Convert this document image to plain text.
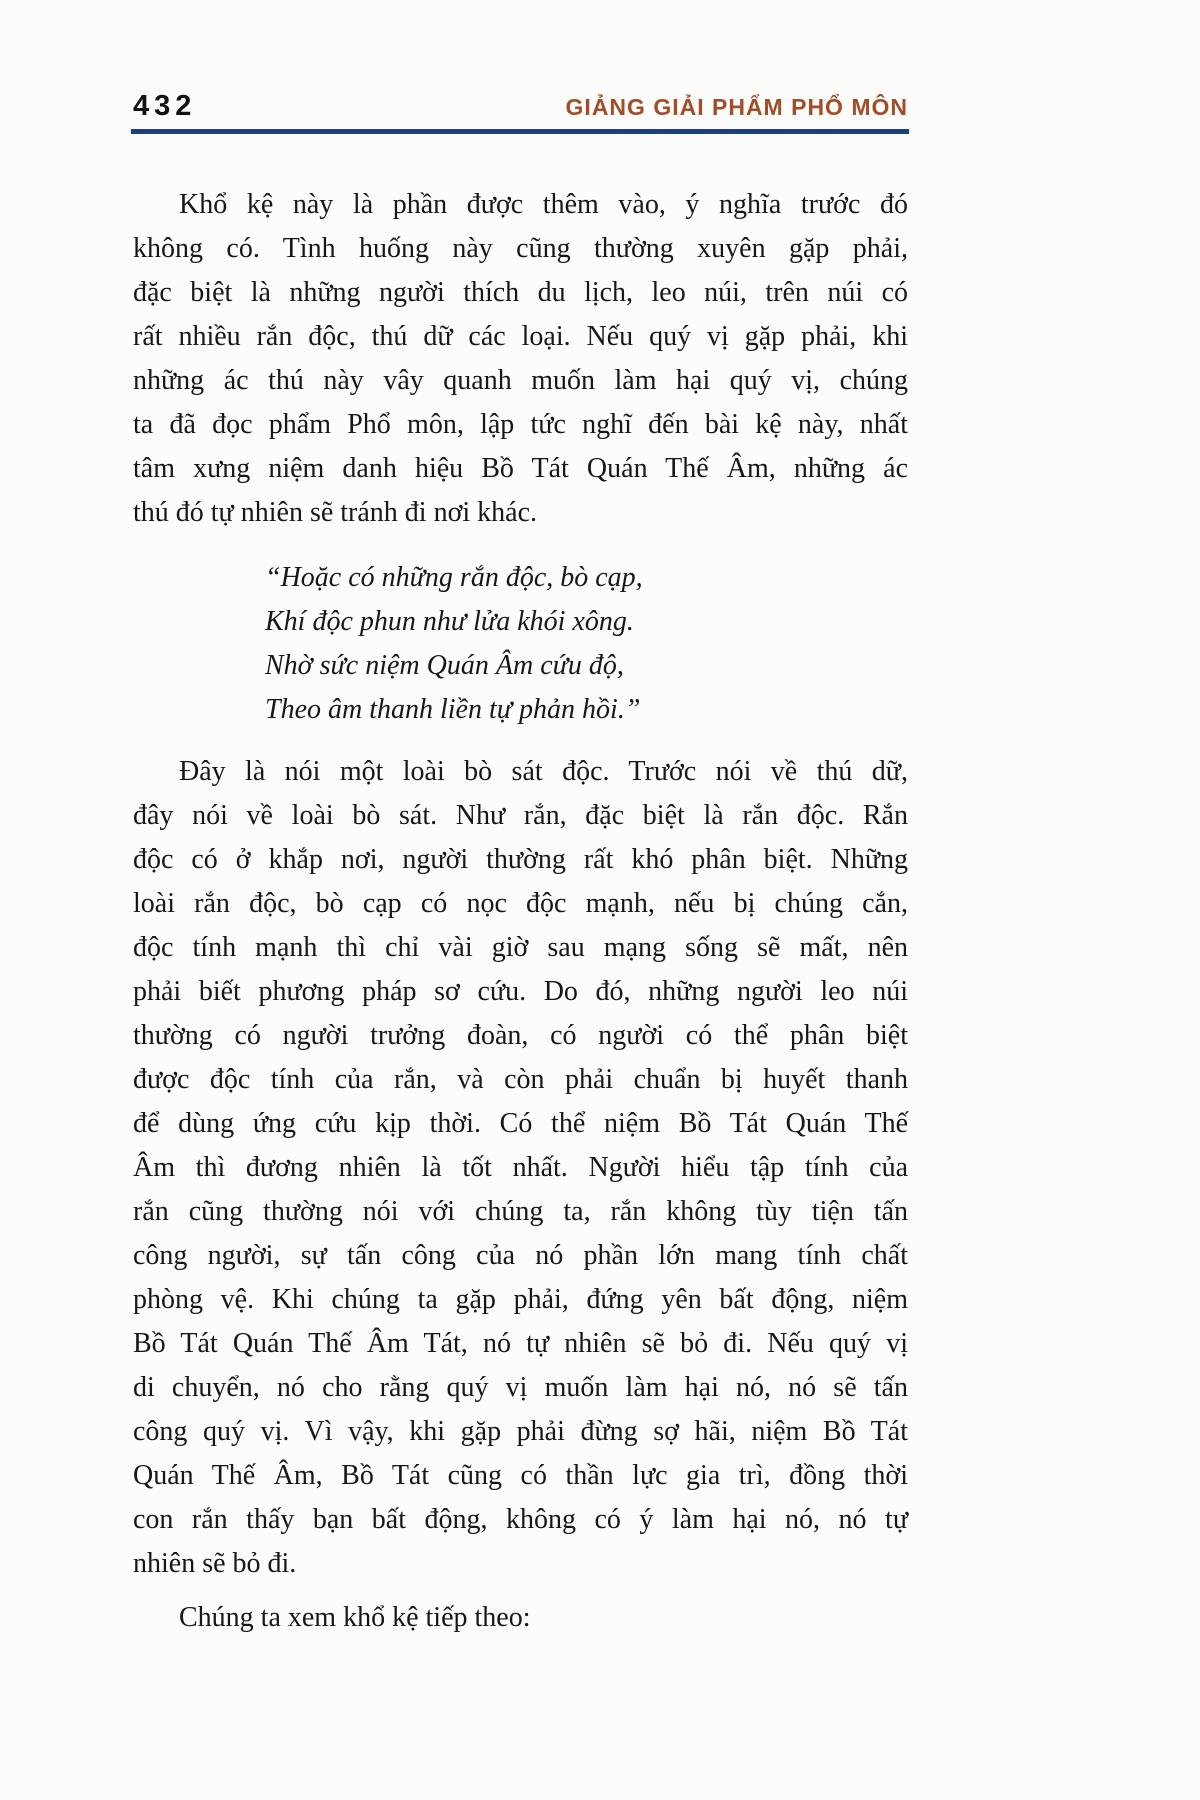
432	GIẢNG GIẢI PHẨM PHỔ MÔN
Khổ kệ này là phần được thêm vào, ý nghĩa trước đó
không có. Tình huống này cũng thường xuyên gặp phải,
đặc biệt là những người thích du lịch, leo núi, trên núi có
rất nhiều rắn độc, thú dữ các loại. Nếu quý vị gặp phải, khi
những ác thú này vây quanh muốn làm hại quý vị, chúng
ta đã đọc phẩm Phổ môn, lập tức nghĩ đến bài kệ này, nhất
tâm xưng niệm danh hiệu Bồ Tát Quán Thế Âm, những ác
thú đó tự nhiên sẽ tránh đi nơi khác.
“Hoặc có những rắn độc, bò cạp,
Khí độc phun như lửa khói xông.
Nhờ sức niệm Quán Âm cứu độ,
Theo âm thanh liền tự phản hồi.”
Đây là nói một loài bò sát độc. Trước nói về thú dữ,
đây nói về loài bò sát. Như rắn, đặc biệt là rắn độc. Rắn
độc có ở khắp nơi, người thường rất khó phân biệt. Những
loài rắn độc, bò cạp có nọc độc mạnh, nếu bị chúng cắn,
độc tính mạnh thì chỉ vài giờ sau mạng sống sẽ mất, nên
phải biết phương pháp sơ cứu. Do đó, những người leo núi
thường có người trưởng đoàn, có người có thể phân biệt
được độc tính của rắn, và còn phải chuẩn bị huyết thanh
để dùng ứng cứu kịp thời. Có thể niệm Bồ Tát Quán Thế
Âm thì đương nhiên là tốt nhất. Người hiểu tập tính của
rắn cũng thường nói với chúng ta, rắn không tùy tiện tấn
công người, sự tấn công của nó phần lớn mang tính chất
phòng vệ. Khi chúng ta gặp phải, đứng yên bất động, niệm
Bồ Tát Quán Thế Âm Tát, nó tự nhiên sẽ bỏ đi. Nếu quý vị
di chuyển, nó cho rằng quý vị muốn làm hại nó, nó sẽ tấn
công quý vị. Vì vậy, khi gặp phải đừng sợ hãi, niệm Bồ Tát
Quán Thế Âm, Bồ Tát cũng có thần lực gia trì, đồng thời
con rắn thấy bạn bất động, không có ý làm hại nó, nó tự
nhiên sẽ bỏ đi.
Chúng ta xem khổ kệ tiếp theo:
